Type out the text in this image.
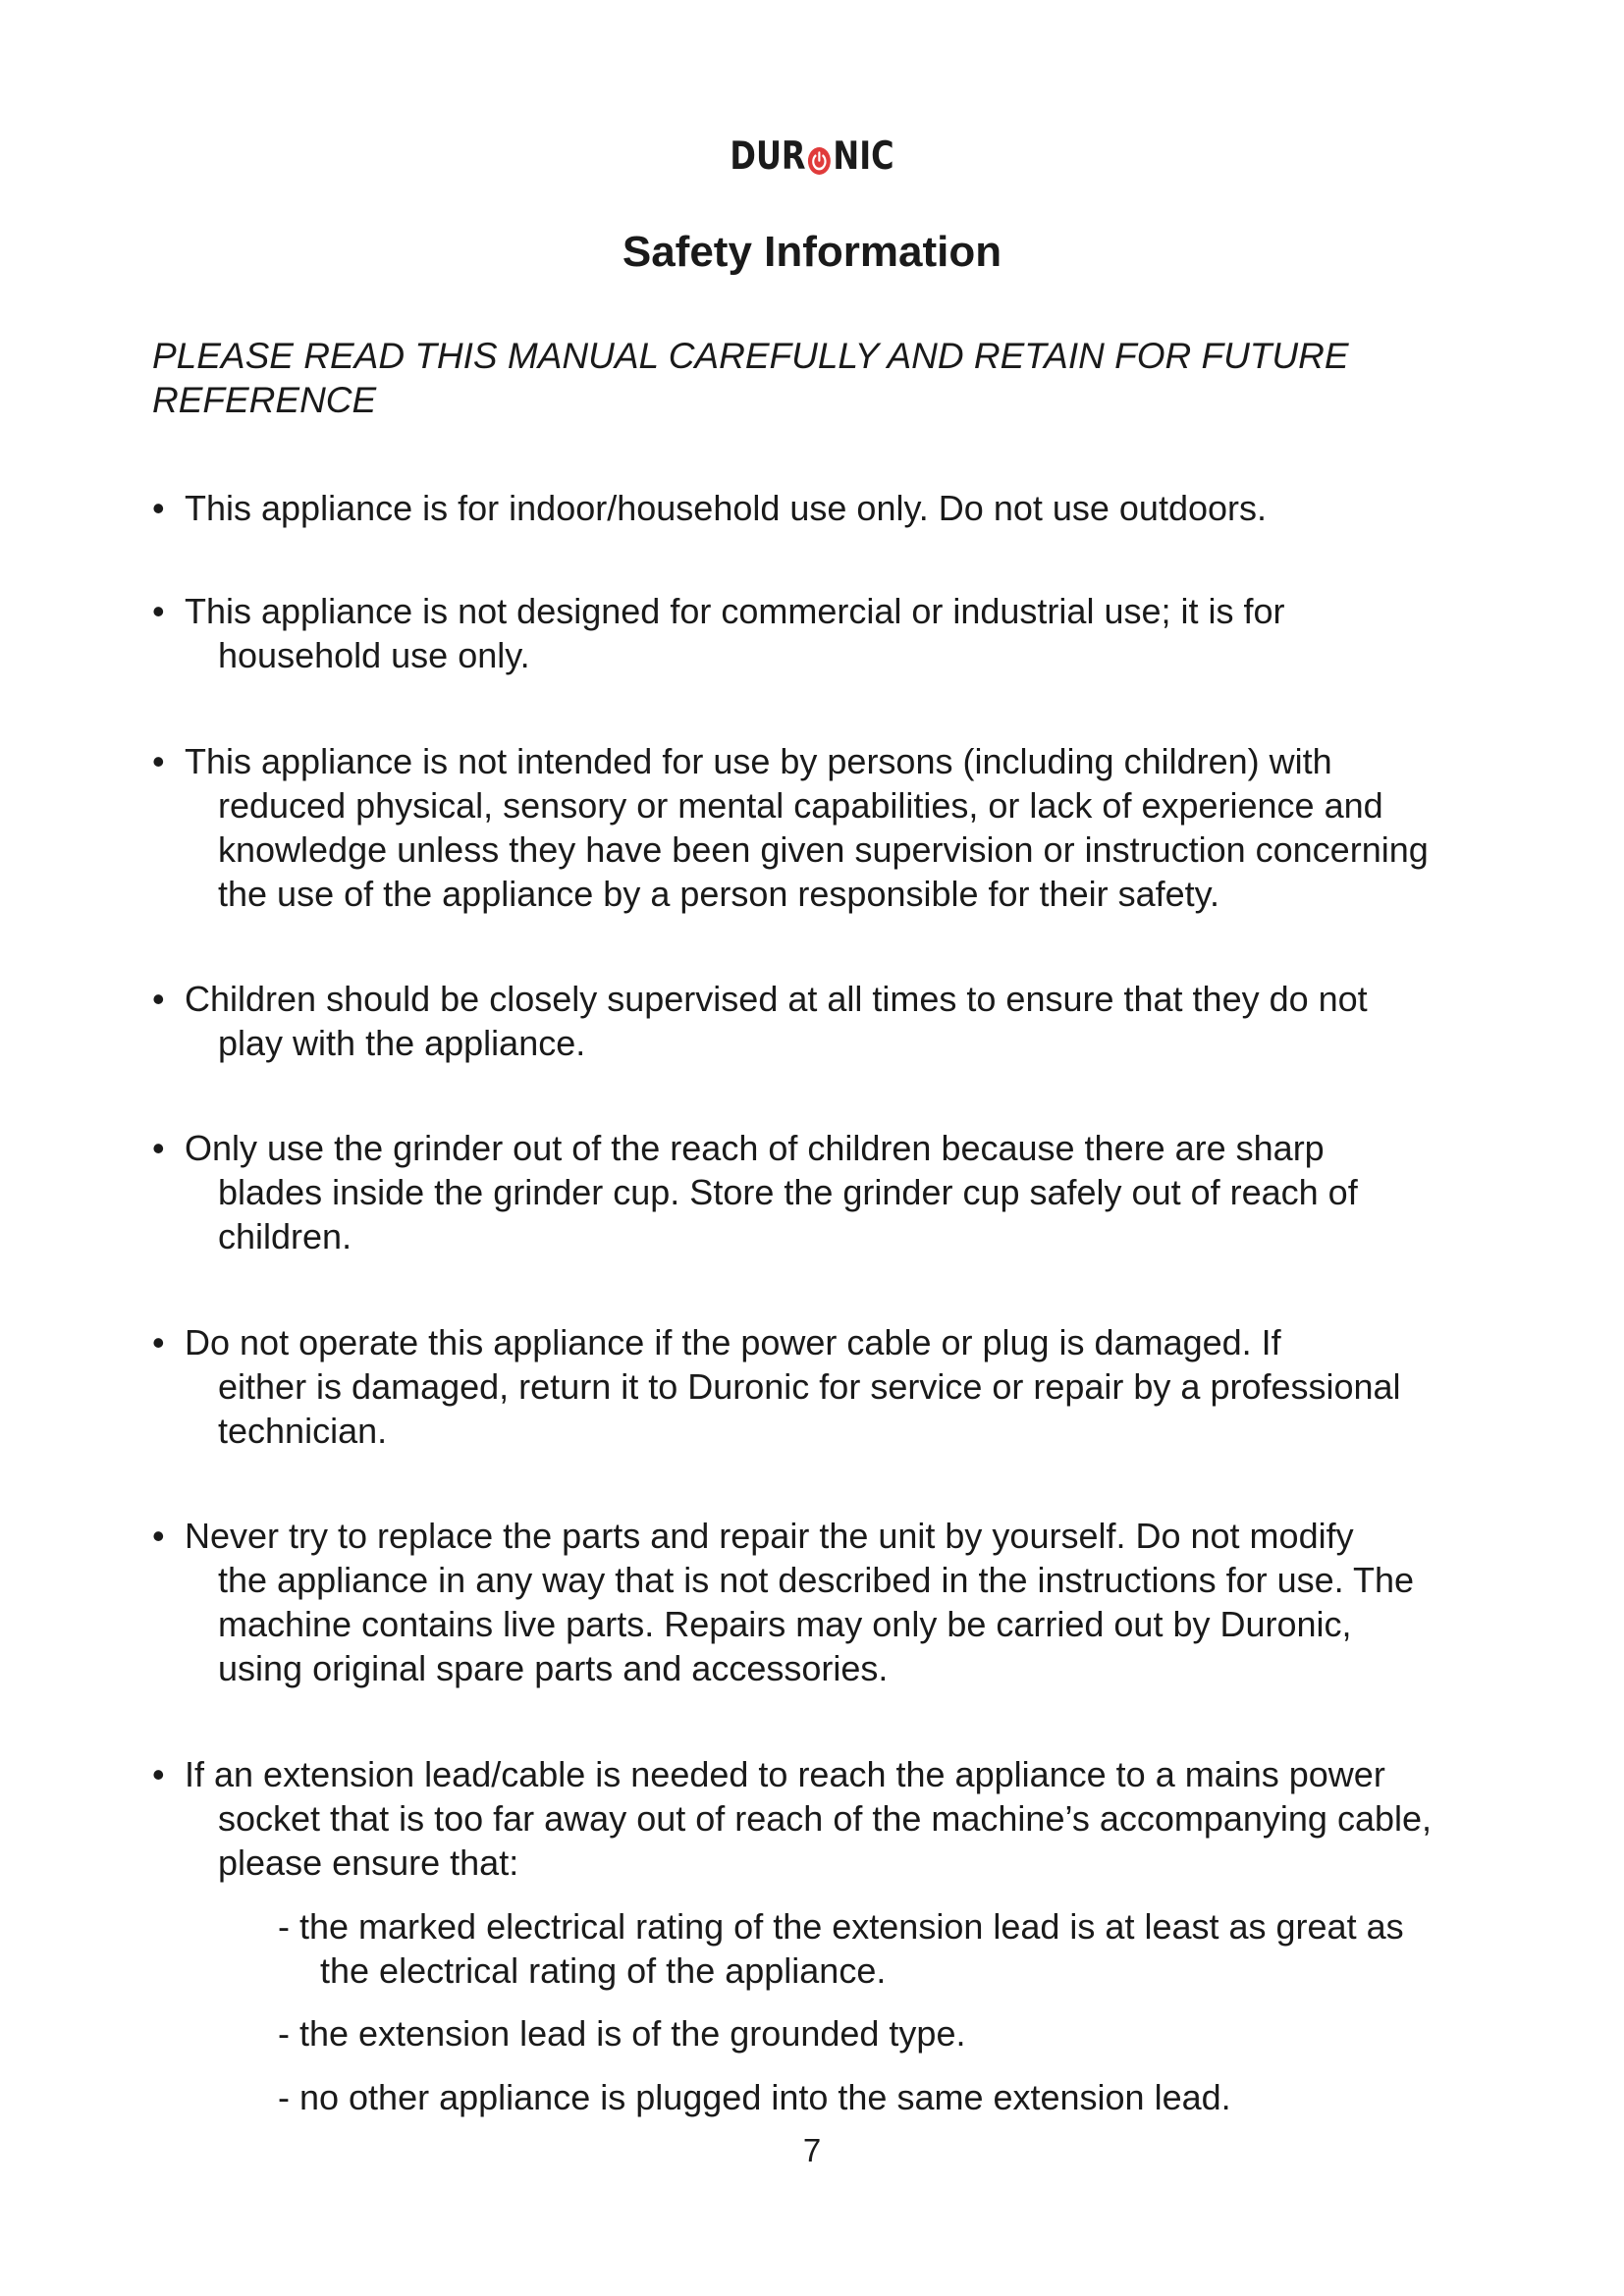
DUR NIC
Safety Information
PLEASE READ THIS MANUAL CAREFULLY AND RETAIN FOR FUTURE
REFERENCE
• This appliance is for indoor/household use only. Do not use outdoors.
• This appliance is not designed for commercial or industrial use; it is for
household use only.
• This appliance is not intended for use by persons (including children) with
reduced physical, sensory or mental capabilities, or lack of experience and
knowledge unless they have been given supervision or instruction concerning
the use of the appliance by a person responsible for their safety.
• Children should be closely supervised at all times to ensure that they do not
play with the appliance.
• Only use the grinder out of the reach of children because there are sharp
blades inside the grinder cup. Store the grinder cup safely out of reach of
children.
• Do not operate this appliance if the power cable or plug is damaged. If
either is damaged, return it to Duronic for service or repair by a professional
technician.
• Never try to replace the parts and repair the unit by yourself. Do not modify
the appliance in any way that is not described in the instructions for use. The
machine contains live parts. Repairs may only be carried out by Duronic,
using original spare parts and accessories.
• If an extension lead/cable is needed to reach the appliance to a mains power
socket that is too far away out of reach of the machine’s accompanying cable,
please ensure that:
- the marked electrical rating of the extension lead is at least as great as
the electrical rating of the appliance.
- the extension lead is of the grounded type.
- no other appliance is plugged into the same extension lead.
7
